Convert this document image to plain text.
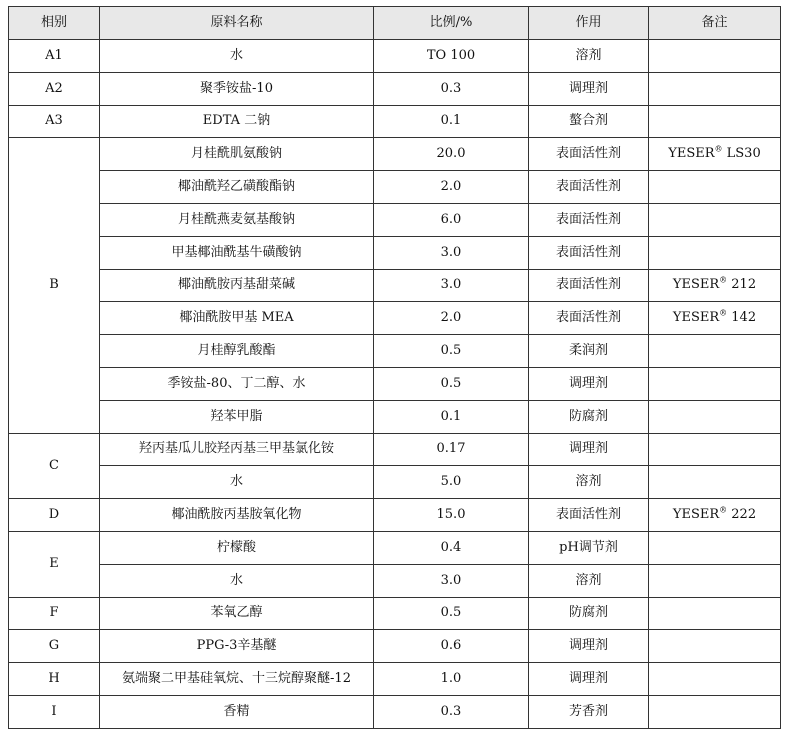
相别	原料名称	比例/%	作用	备注
A1	水	TO 100	溶剂	
A2	聚季铵盐-10	0.3	调理剂	
A3	EDTA 二钠	0.1	螯合剂	
B	月桂酰肌氨酸钠	20.0	表面活性剂	YESER® LS30
	椰油酰羟乙磺酸酯钠	2.0	表面活性剂	
	月桂酰燕麦氨基酸钠	6.0	表面活性剂	
	甲基椰油酰基牛磺酸钠	3.0	表面活性剂	
	椰油酰胺丙基甜菜碱	3.0	表面活性剂	YESER® 212
	椰油酰胺甲基 MEA	2.0	表面活性剂	YESER® 142
	月桂醇乳酸酯	0.5	柔润剂	
	季铵盐-80、丁二醇、水	0.5	调理剂	
	羟苯甲脂	0.1	防腐剂	
C	羟丙基瓜儿胶羟丙基三甲基氯化铵	0.17	调理剂	
	水	5.0	溶剂	
D	椰油酰胺丙基胺氧化物	15.0	表面活性剂	YESER® 222
E	柠檬酸	0.4	pH调节剂	
	水	3.0	溶剂	
F	苯氧乙醇	0.5	防腐剂	
G	PPG-3辛基醚	0.6	调理剂	
H	氨端聚二甲基硅氧烷、十三烷醇聚醚-12	1.0	调理剂	
I	香精	0.3	芳香剂	
